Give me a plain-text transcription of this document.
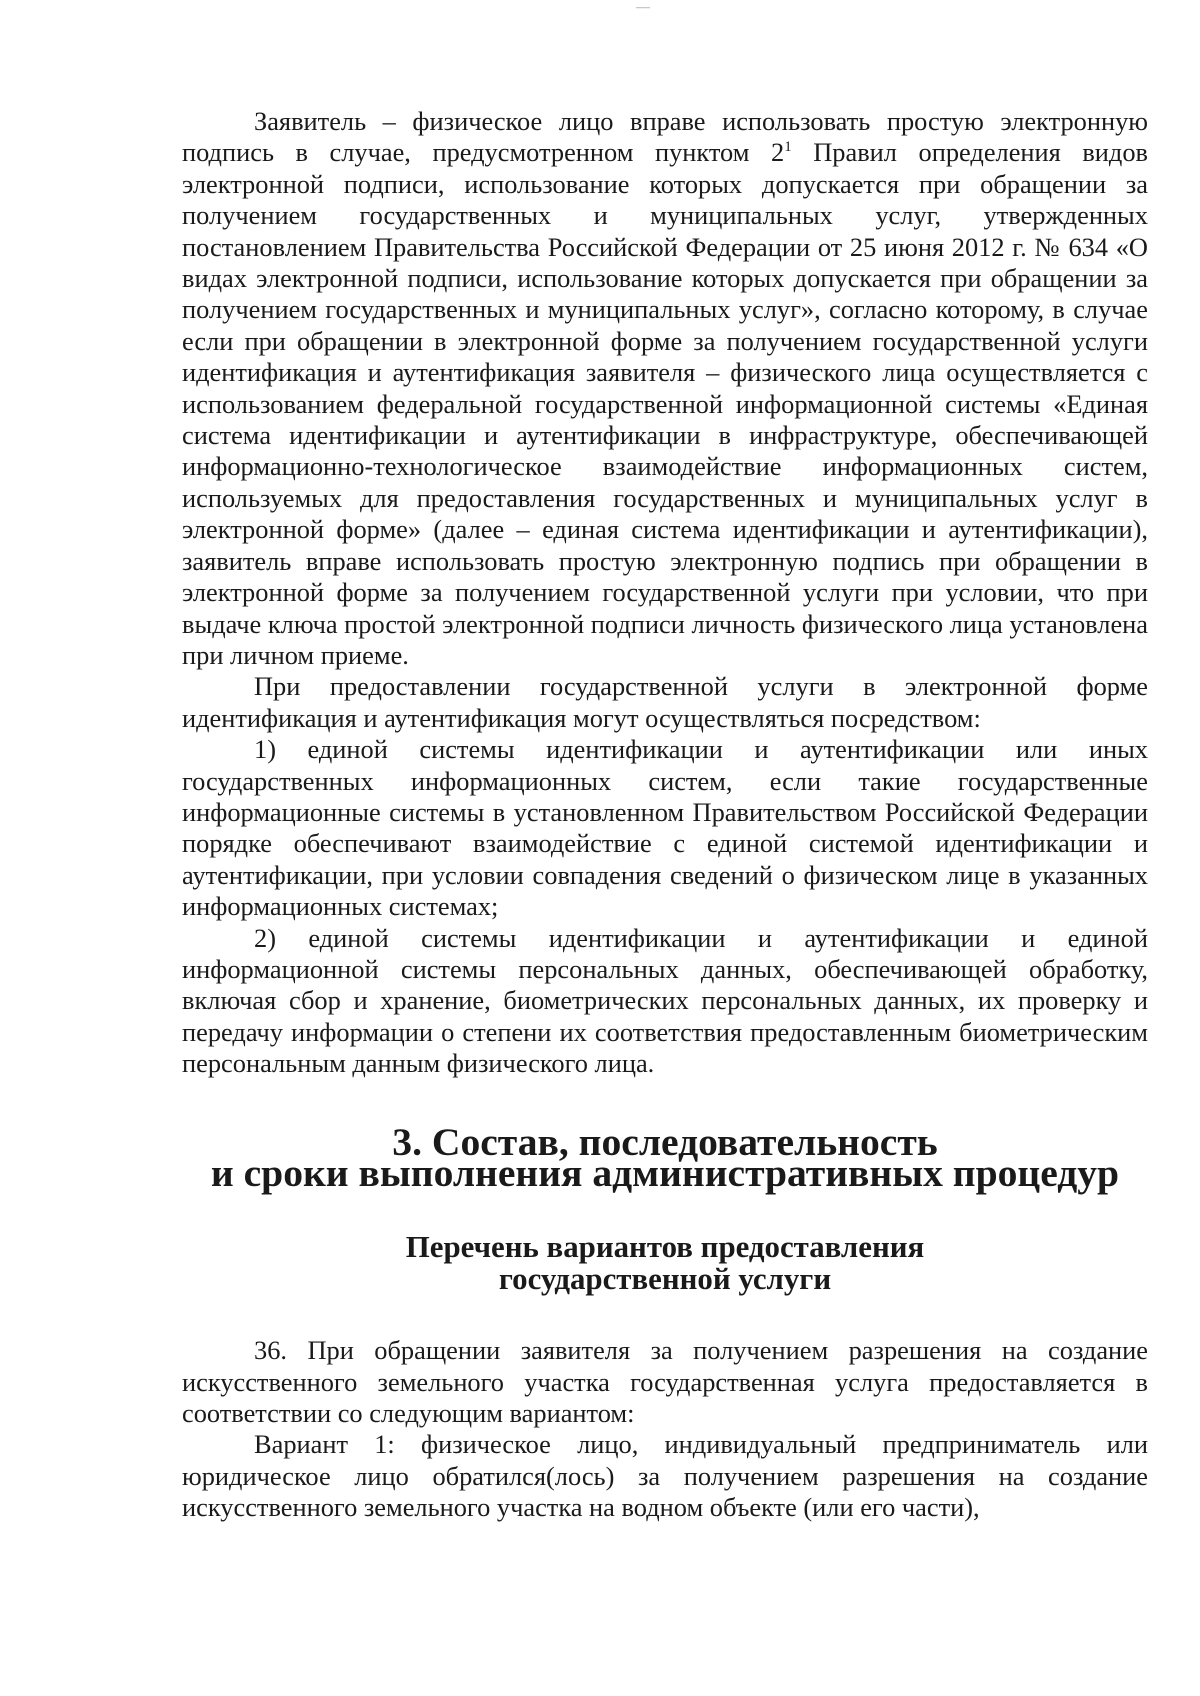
—

Заявитель – физическое лицо вправе использовать простую электронную подпись в случае, предусмотренном пунктом $2^1$ Правил определения видов электронной подписи, использование которых допускается при обращении за получением государственных и муниципальных услуг, утвержденных постановлением Правительства Российской Федерации от 25 июня 2012 г. № 634 «О видах электронной подписи, использование которых допускается при обращении за получением государственных и муниципальных услуг», согласно которому, в случае если при обращении в электронной форме за получением государственной услуги идентификация и аутентификация заявителя – физического лица осуществляется с использованием федеральной государственной информационной системы «Единая система идентификации и аутентификации в инфраструктуре, обеспечивающей информационно-технологическое взаимодействие информационных систем, используемых для предоставления государственных и муниципальных услуг в электронной форме» (далее – единая система идентификации и аутентификации), заявитель вправе использовать простую электронную подпись при обращении в электронной форме за получением государственной услуги при условии, что при выдаче ключа простой электронной подписи личность физического лица установлена при личном приеме.

При предоставлении государственной услуги в электронной форме идентификация и аутентификация могут осуществляться посредством:

1) единой системы идентификации и аутентификации или иных государственных информационных систем, если такие государственные информационные системы в установленном Правительством Российской Федерации порядке обеспечивают взаимодействие с единой системой идентификации и аутентификации, при условии совпадения сведений о физическом лице в указанных информационных системах;

2) единой системы идентификации и аутентификации и единой информационной системы персональных данных, обеспечивающей обработку, включая сбор и хранение, биометрических персональных данных, их проверку и передачу информации о степени их соответствия предоставленным биометрическим персональным данным физического лица.

3. Состав, последовательность
и сроки выполнения административных процедур
Перечень вариантов предоставления
государственной услуги

36. При обращении заявителя за получением разрешения на создание искусственного земельного участка государственная услуга предоставляется в соответствии со следующим вариантом:

Вариант 1: физическое лицо, индивидуальный предприниматель или юридическое лицо обратился(лось) за получением разрешения на создание искусственного земельного участка на водном объекте (или его части),
